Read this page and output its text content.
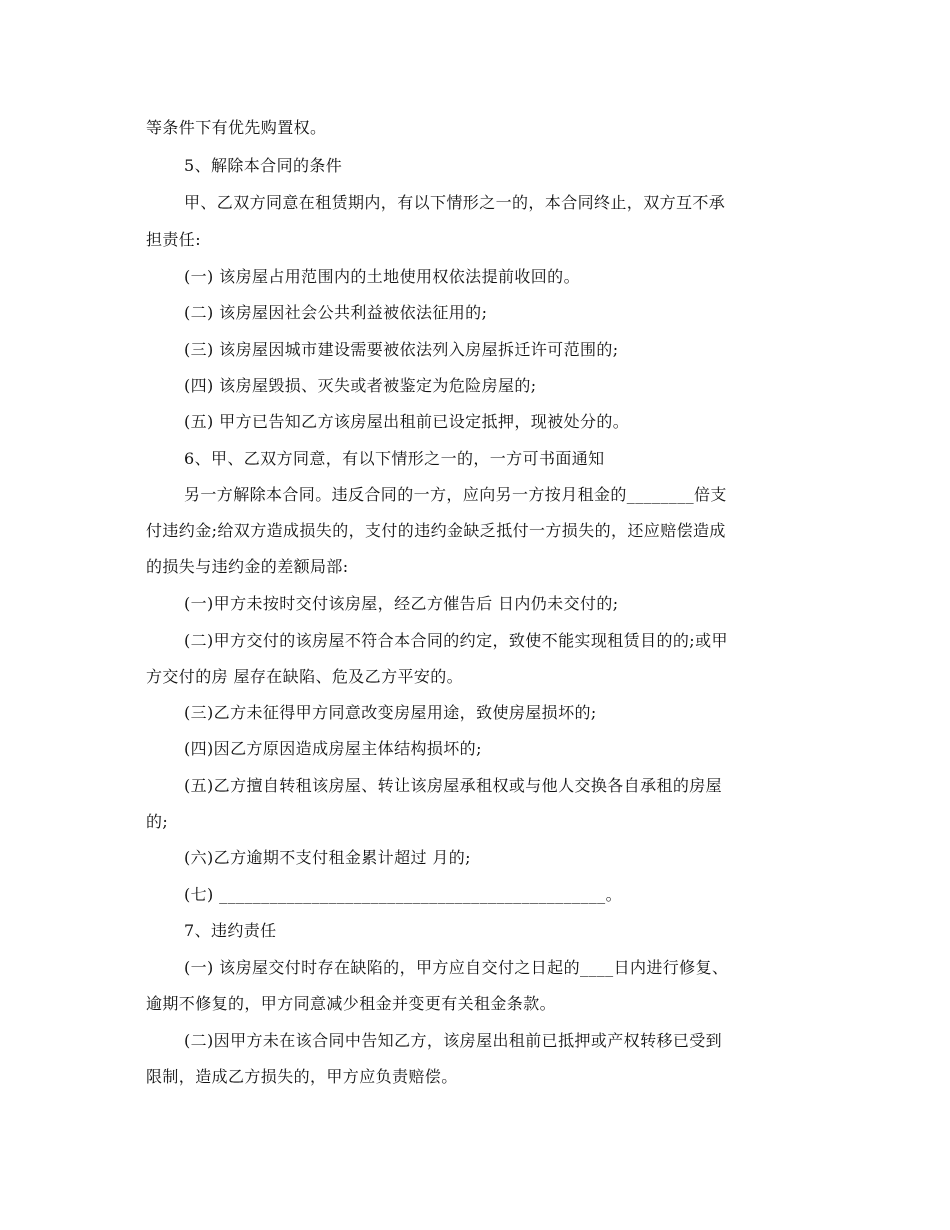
等条件下有优先购置权。
5、解除本合同的条件
甲、乙双方同意在租赁期内，有以下情形之一的，本合同终止，双方互不承
担责任:
(一) 该房屋占用范围内的土地使用权依法提前收回的。
(二) 该房屋因社会公共利益被依法征用的;
(三) 该房屋因城市建设需要被依法列入房屋拆迁许可范围的;
(四) 该房屋毁损、灭失或者被鉴定为危险房屋的;
(五) 甲方已告知乙方该房屋出租前已设定抵押，现被处分的。
6、甲、乙双方同意，有以下情形之一的，一方可书面通知
另一方解除本合同。违反合同的一方，应向另一方按月租金的________倍支
付违约金;给双方造成损失的，支付的违约金缺乏抵付一方损失的，还应赔偿造成
的损失与违约金的差额局部:
(一)甲方未按时交付该房屋，经乙方催告后 日内仍未交付的;
(二)甲方交付的该房屋不符合本合同的约定，致使不能实现租赁目的的;或甲
方交付的房 屋存在缺陷、危及乙方平安的。
(三)乙方未征得甲方同意改变房屋用途，致使房屋损坏的;
(四)因乙方原因造成房屋主体结构损坏的;
(五)乙方擅自转租该房屋、转让该房屋承租权或与他人交换各自承租的房屋
的;
(六)乙方逾期不支付租金累计超过 月的;
(七) ______________________________________________。
7、违约责任
(一) 该房屋交付时存在缺陷的，甲方应自交付之日起的____日内进行修复、
逾期不修复的，甲方同意减少租金并变更有关租金条款。
(二)因甲方未在该合同中告知乙方，该房屋出租前已抵押或产权转移已受到
限制，造成乙方损失的，甲方应负责赔偿。
